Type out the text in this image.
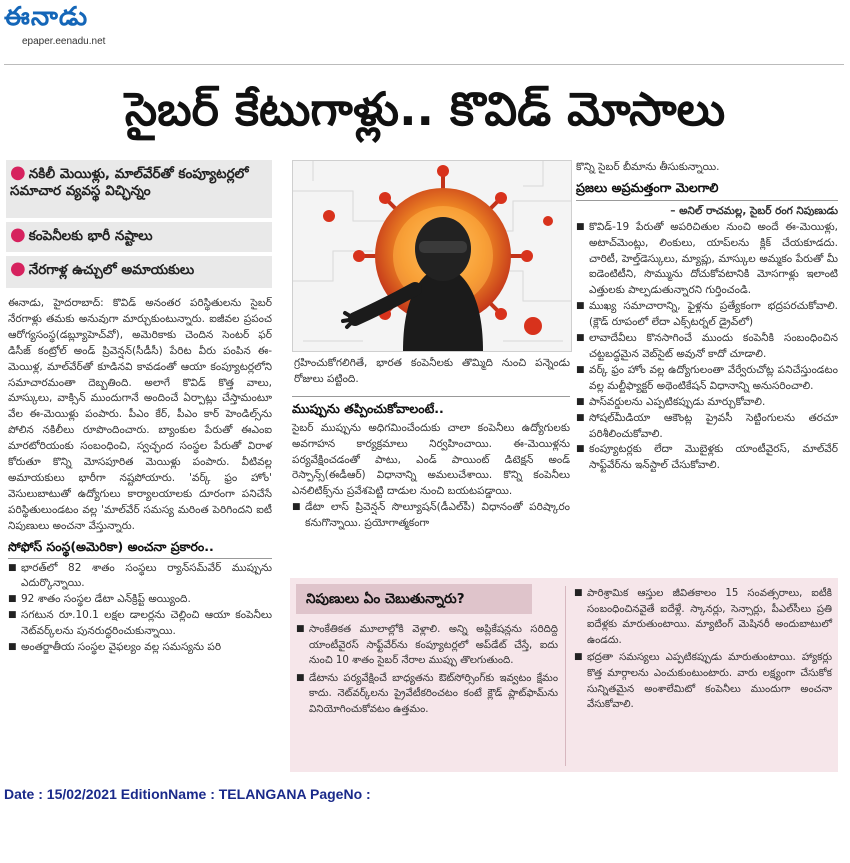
ఈనాడు
epaper.eenadu.net
సైబర్ కేటుగాళ్లు.. కొవిడ్ మోసాలు
● నకిలీ మెయిళ్లు, మాల్‌వేర్‌తో కంప్యూటర్లలో సమాచార వ్యవస్థ విచ్ఛిన్నం
● కంపెనీలకు భారీ నష్టాలు
● నేరగాళ్ల ఉచ్చులో అమాయకులు

ఈనాడు, హైదరాబాద్: కొవిడ్ అనంతర పరిస్థితులను సైబర్ నేరగాళ్లు తమకు అనువుగా మార్చుకుంటున్నారు. ఐజీవల ప్రపంచ ఆరోగ్యసంస్థ(డబ్ల్యూహెచ్‌వో), అమెరికాకు చెందిన సెంటర్ ఫర్ డిసీజ్ కంట్రోల్ అండ్ ప్రివెన్షన్(సీడీసీ) పేరిట వీరు పంపిన ఈ-మెయిళ్ల, మాల్‌వేర్‌తో కూడినవి కావడంతో ఆయా కంప్యూటర్లలోని సమాచారమంతా దెబ్బతింది. అలాగే కొవిడ్ కొత్త వాలు, మాస్కులు, వాక్సిన్ ముందుగానే అందించే ఏర్పాట్లు చేస్తామంటూ వేల ఈ-మెయిళ్లు పంపారు. పీఎం కేర్, పీఎం కార్ హెండిల్స్‌ను పోలిన నకిలీలు రూపొందించారు. బ్యాంకుల పేరుతో ఈఎంఐ మారటోరియంకు సంబంధించి, స్వచ్ఛంద సంస్థల పేరుతో విరాళ కోరుతూ కొన్ని మోసపూరిత మెయిళ్లు పంపారు. వీటివల్ల అమాయకులు భారీగా నష్టపోయారు. 'వర్క్ ఫ్రం హోం' వెసులుబాటుతో ఉద్యోగులు కార్యాలయాలకు దూరంగా పనిచేసే పరిస్థితులుండటం వల్ల 'మాల్‌వేర్ సమస్య మరింత పెరిగిందని ఐటీ నిపుణులు అంచనా వేస్తున్నారు.

సోఫోస్ సంస్థ(అమెరికా) అంచనా ప్రకారం..

■ భారత్‌లో 82 శాతం సంస్థలు ర్యాన్‌సమ్‌వేర్ ముప్పును ఎదుర్కొన్నాయి.

■ 92 శాతం సంస్థల డేటా ఎన్‌క్రిప్ట్ అయ్యింది.

■ సగటున రూ.10.1 లక్షల డాలర్లను చెల్లించి ఆయా కంపెనీలు నెట్‌వర్క్‌లను పునరుద్ధరించుకున్నాయి.

■ అంతర్జాతీయ సంస్థల వైఫల్యం వల్ల సమస్యను పరి

గ్రహించుకోగలిగితే, భారత కంపెనీలకు తొమ్మిది నుంచి పన్నెండు రోజులు పట్టింది.

ముప్పును తప్పించుకోవాలంటే..

సైబర్ ముప్పును అధిగమించేందుకు చాలా కంపెనీలు ఉద్యోగులకు అవగాహన కార్యక్రమాలు నిర్వహించాయి. ఈ-మెయిళ్లను పర్యవేక్షించడంతో పాటు, ఎండ్ పాయింట్ డిటెక్షన్ అండ్ రెస్పాన్స్(ఈడీఆర్) విధానాన్ని అమలుచేశాయి. కొన్ని కంపెనీలు ఎనలిటిక్స్‌ను ప్రవేశపెట్టి దాడుల నుంచి బయటపడ్డాయి.

■ డేటా లాస్ ప్రివెన్షన్ సొల్యూషన్(డీఎల్‌పీ) విధానంతో పరిష్కారం కనుగొన్నాయి. ప్రయోగాత్మకంగా

కొన్ని సైబర్ బీమాను తీసుకున్నాయి.

ప్రజలు అప్రమత్తంగా మెలగాలి

– అనిల్ రాచమల్ల, సైబర్ రంగ నిపుణుడు

■ కొవిడ్-19 పేరుతో అపరిచితుల నుంచి అందే ఈ-మెయిళ్లు, అటాచ్‌మెంట్లు, లింకులు, యాప్‌లను క్లిక్ చేయకూడదు. చారిటీ, హెల్త్‌డెస్కులు, మ్యాప్లు, మాస్కుల అమ్మకం పేరుతో మీ ఐడెంటిటీని, సొమ్మును దోచుకోవటానికి మోసగాళ్లు ఇలాంటి ఎత్తులకు పాల్పడుతున్నారని గుర్తించండి.

■ ముఖ్య సమాచారాన్ని, ఫైళ్లను ప్రత్యేకంగా భద్రపరచుకోవాలి.(క్లౌడ్ రూపంలో లేదా ఎక్స్‌టర్నల్ డ్రైవ్‌లో)

■ లావాదేవీలు కొనసాగించే ముందు కంపెనీకి సంబంధించిన చట్టబద్ధమైన వెబ్‌సైట్ అవునో కాదో చూడాలి.

■ వర్క్ ఫ్రం హోం వల్ల ఉద్యోగులంతా వేర్వేరుచోట్ల పనిచేస్తుండటం వల్ల మల్టీఫ్యాక్టర్ అథెంటికేషన్ విధానాన్ని అనుసరించాలి.

■ పాస్‌వర్డులను ఎప్పటికప్పుడు మార్చుకోవాలి.

■ సోషల్‌మీడియా ఆకౌంట్ల ప్రైవసీ సెట్టింగులను తరచూ పరిశీలించుకోవాలి.

■ కంప్యూటర్లకు లేదా మొబైళ్లకు యాంటీవైరస్, మాల్‌వేర్ సాఫ్ట్‌వేర్‌ను ఇన్‌స్టాల్ చేసుకోవాలి.

నిపుణులు ఏం చెబుతున్నారు?

■ సాంకేతికత మూలాల్లోకి వెళ్లాలి. అన్ని అప్లికేషన్లను సరిదిద్ది యాంటీవైరస్ సాఫ్ట్‌వేర్‌ను కంప్యూటర్లలో అప్‌డేట్ చేస్తే, ఐదు నుంచి 10 శాతం సైబర్ నేరాల ముప్పు తొలగుతుంది.

■ డేటాను పర్యవేక్షించే బాధ్యతను ఔట్‌సోర్సింగ్‌కు ఇవ్వటం క్షేమం కాదు. నెట్‌వర్క్‌లను ప్రైవేటీకరించటం కంటే క్లౌడ్ ప్లాట్‌ఫామ్‌ను వినియోగించుకోవటం ఉత్తమం.

■ పారిశ్రామిక ఆస్తుల జీవితకాలం 15 సంవత్సరాలు, ఐటీకి సంబంధించినవైతే ఐదేళ్లే. స్కానర్లు, సెన్సార్లు, పీఎల్‌సీలు ప్రతి ఐదేళ్లకు మారుతుంటాయి. మ్యాటింగ్ మెషినరీ అందుబాటులో ఉండదు.

■ భద్రతా సమస్యలు ఎప్పటికప్పుడు మారుతుంటాయి. హ్యాకర్లు కొత్త మార్గాలను ఎంచుకుంటుంటారు. వారు లక్ష్యంగా చేసుకోక సున్నితమైన అంశాలేమిటో కంపెనీలు ముందుగా అంచనా వేసుకోవాలి.

Date : 15/02/2021 EditionName : TELANGANA PageNo :
